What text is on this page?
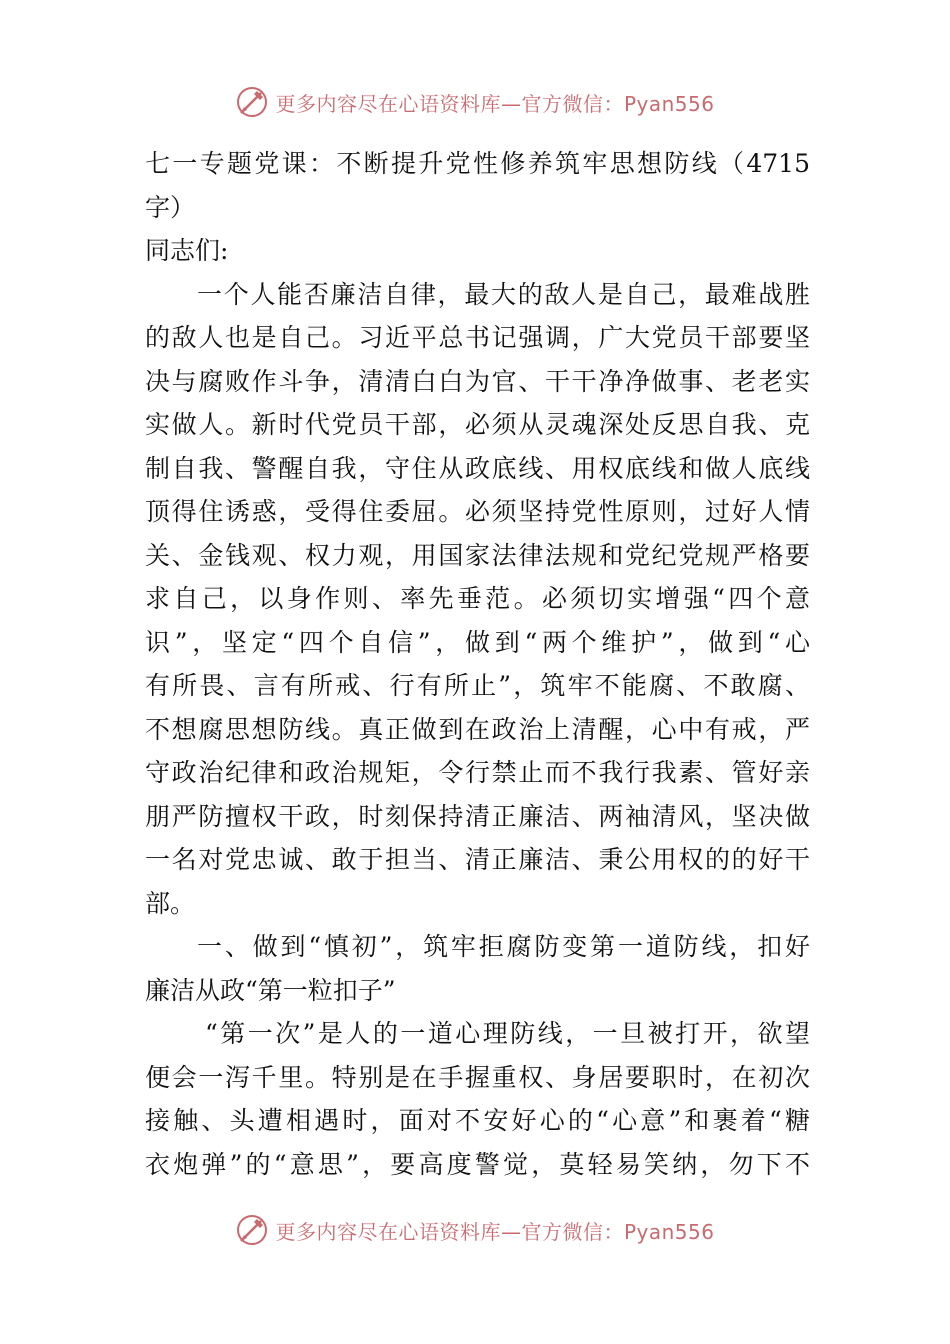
更多内容尽在心语资料库—官方微信：Pyan556
七一专题党课：不断提升党性修养筑牢思想防线（4715
字）
同志们:
一个人能否廉洁自律，最大的敌人是自己，最难战胜
的敌人也是自己。习近平总书记强调，广大党员干部要坚
决与腐败作斗争，清清白白为官、干干净净做事、老老实
实做人。新时代党员干部，必须从灵魂深处反思自我、克
制自我、警醒自我，守住从政底线、用权底线和做人底线
顶得住诱惑，受得住委屈。必须坚持党性原则，过好人情
关、金钱观、权力观，用国家法律法规和党纪党规严格要
求自己，以身作则、率先垂范。必须切实增强“四个意
识”，坚定“四个自信”，做到“两个维护”，做到“心
有所畏、言有所戒、行有所止”，筑牢不能腐、不敢腐、
不想腐思想防线。真正做到在政治上清醒，心中有戒，严
守政治纪律和政治规矩，令行禁止而不我行我素、管好亲
朋严防擅权干政，时刻保持清正廉洁、两袖清风，坚决做
一名对党忠诚、敢于担当、清正廉洁、秉公用权的的好干
部。
一、做到“慎初”，筑牢拒腐防变第一道防线，扣好
廉洁从政“第一粒扣子”
“第一次”是人的一道心理防线，一旦被打开，欲望
便会一泻千里。特别是在手握重权、身居要职时，在初次
接触、头遭相遇时，面对不安好心的“心意”和裹着“糖
衣炮弹”的“意思”，要高度警觉，莫轻易笑纳，勿下不
更多内容尽在心语资料库—官方微信：Pyan556
